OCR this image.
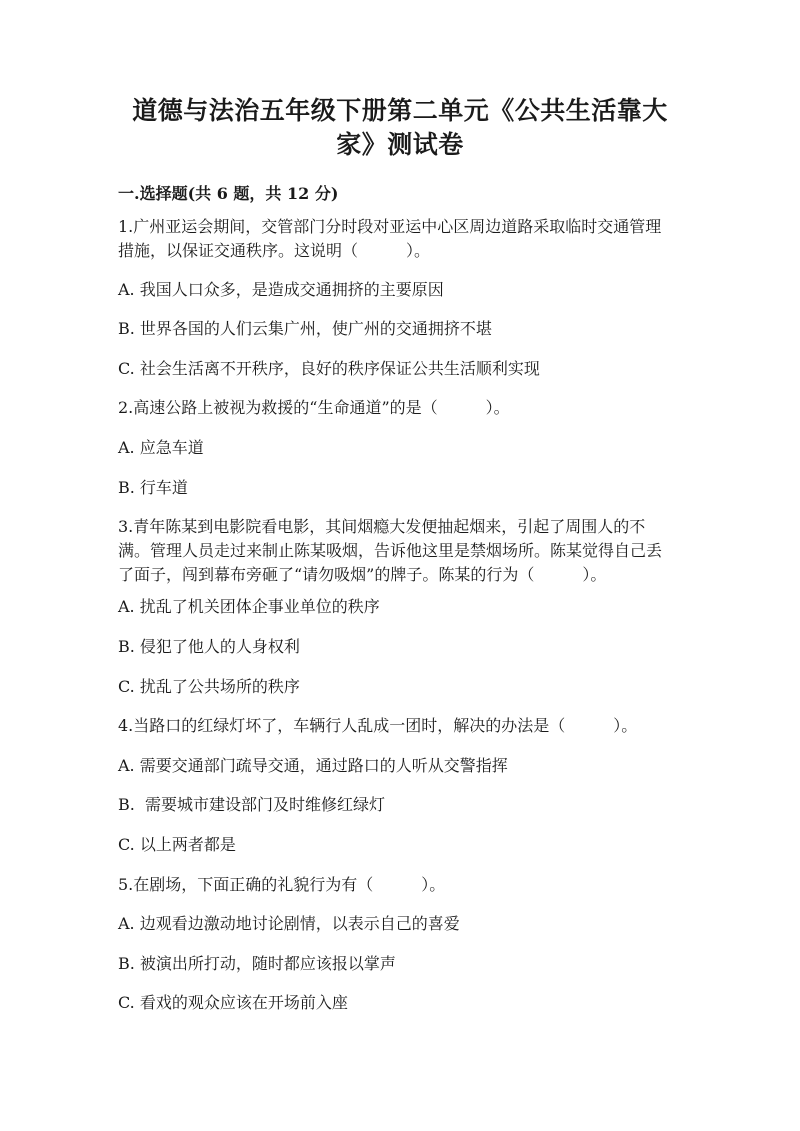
道德与法治五年级下册第二单元《公共生活靠大
家》测试卷
一.选择题(共 6 题，共 12 分)
1.广州亚运会期间，交管部门分时段对亚运中心区周边道路采取临时交通管理
措施，以保证交通秩序。这说明（　　　）。
A. 我国人口众多，是造成交通拥挤的主要原因
B. 世界各国的人们云集广州，使广州的交通拥挤不堪
C. 社会生活离不开秩序，良好的秩序保证公共生活顺利实现
2.高速公路上被视为救援的“生命通道”的是（　　　）。
A. 应急车道
B. 行车道
3.青年陈某到电影院看电影，其间烟瘾大发便抽起烟来，引起了周围人的不
满。管理人员走过来制止陈某吸烟，告诉他这里是禁烟场所。陈某觉得自己丢
了面子，闯到幕布旁砸了“请勿吸烟”的牌子。陈某的行为（　　　）。
A. 扰乱了机关团体企事业单位的秩序
B. 侵犯了他人的人身权利
C. 扰乱了公共场所的秩序
4.当路口的红绿灯坏了，车辆行人乱成一团时，解决的办法是（　　　）。
A. 需要交通部门疏导交通，通过路口的人听从交警指挥
B.  需要城市建设部门及时维修红绿灯
C. 以上两者都是
5.在剧场，下面正确的礼貌行为有（　　　）。
A. 边观看边激动地讨论剧情，以表示自己的喜爱
B. 被演出所打动，随时都应该报以掌声
C. 看戏的观众应该在开场前入座
